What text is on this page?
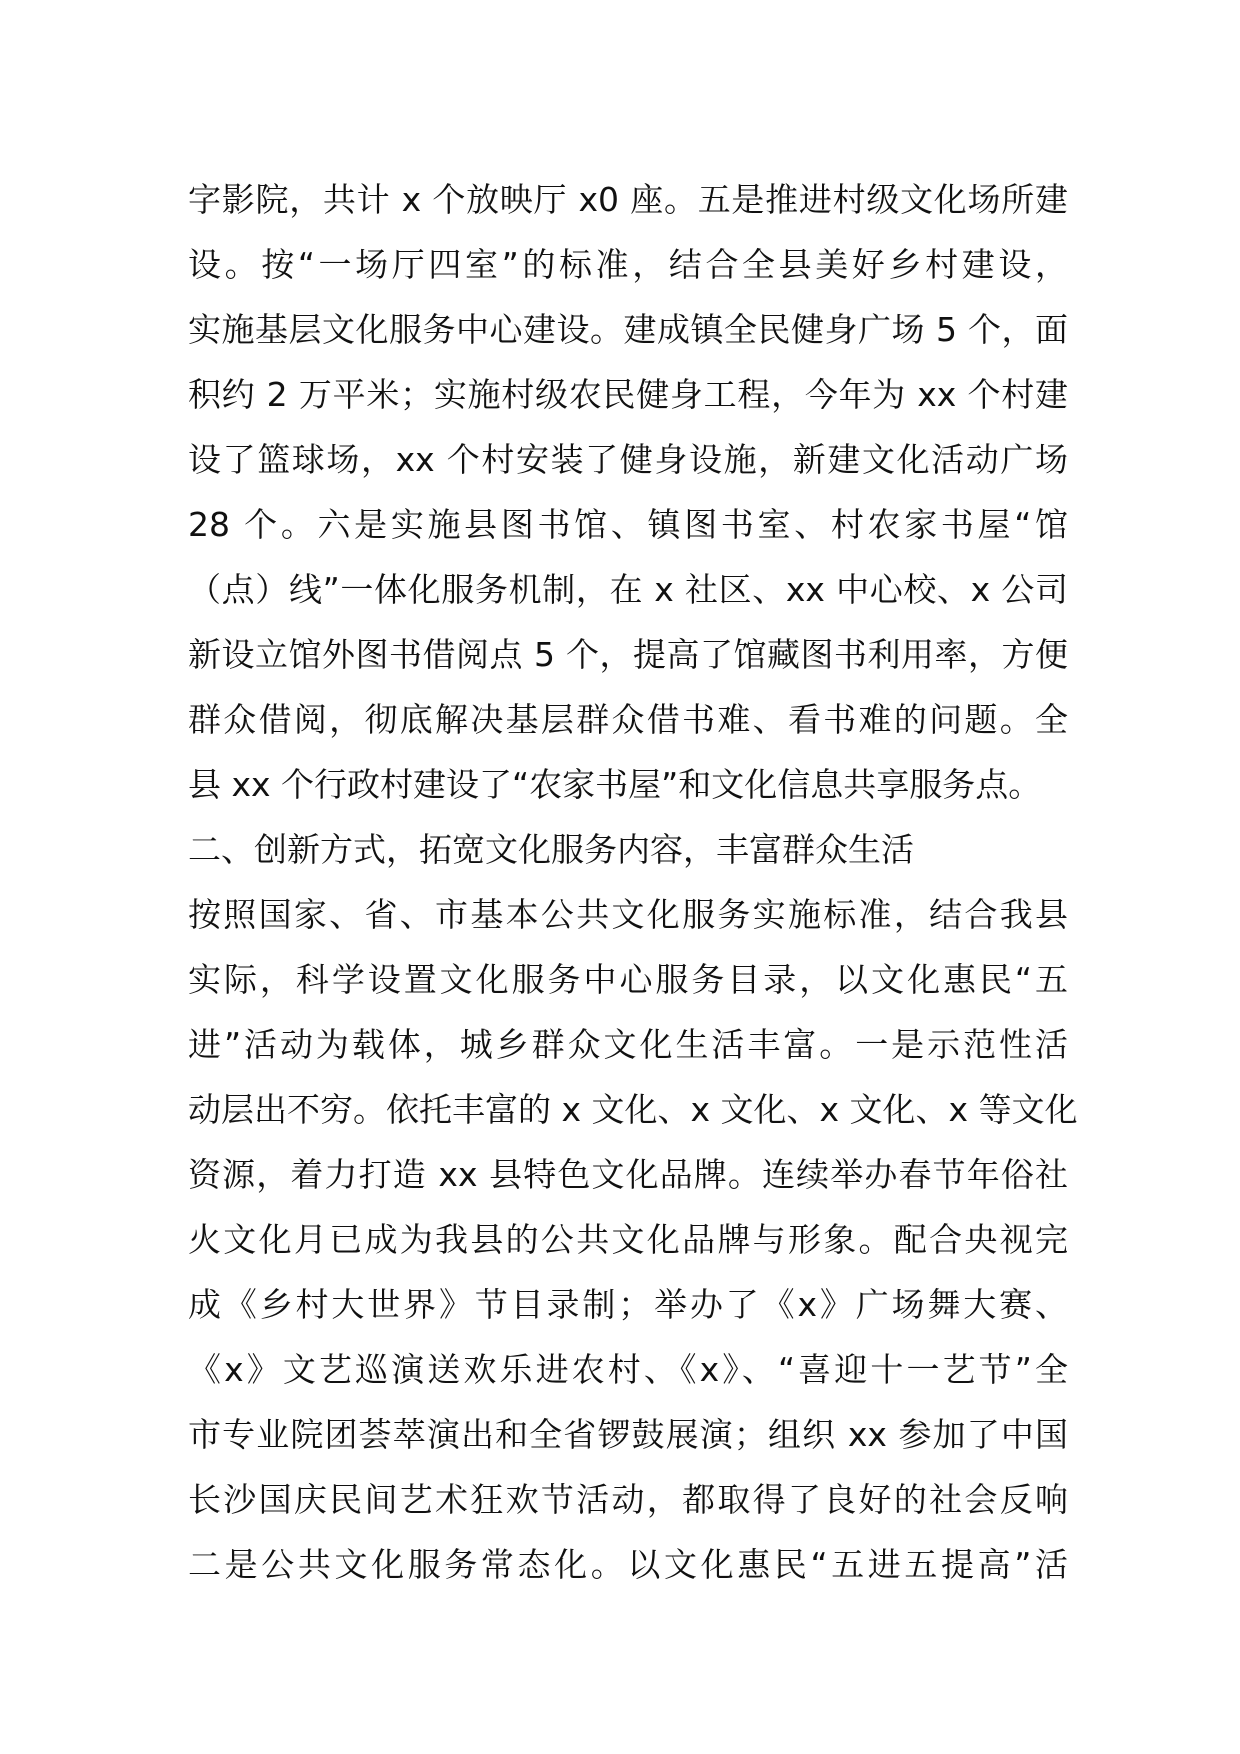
字影院，共计 x 个放映厅 x0 座。五是推进村级文化场所建
设。按“一场厅四室”的标准，结合全县美好乡村建设，
实施基层文化服务中心建设。建成镇全民健身广场 5 个，面
积约 2 万平米；实施村级农民健身工程，今年为 xx 个村建
设了篮球场，xx 个村安装了健身设施，新建文化活动广场
28 个。六是实施县图书馆、镇图书室、村农家书屋“馆
（点）线”一体化服务机制，在 x 社区、xx 中心校、x 公司
新设立馆外图书借阅点 5 个，提高了馆藏图书利用率，方便
群众借阅，彻底解决基层群众借书难、看书难的问题。全
县 xx 个行政村建设了“农家书屋”和文化信息共享服务点。
二、创新方式，拓宽文化服务内容，丰富群众生活
按照国家、省、市基本公共文化服务实施标准，结合我县
实际，科学设置文化服务中心服务目录，以文化惠民“五
进”活动为载体，城乡群众文化生活丰富。一是示范性活
动层出不穷。依托丰富的 x 文化、x 文化、x 文化、x 等文化
资源，着力打造 xx 县特色文化品牌。连续举办春节年俗社
火文化月已成为我县的公共文化品牌与形象。配合央视完
成《乡村大世界》节目录制；举办了《x》广场舞大赛、
《x》文艺巡演送欢乐进农村、《x》、“喜迎十一艺节”全
市专业院团荟萃演出和全省锣鼓展演；组织 xx 参加了中国
长沙国庆民间艺术狂欢节活动，都取得了良好的社会反响
二是公共文化服务常态化。以文化惠民“五进五提高”活
